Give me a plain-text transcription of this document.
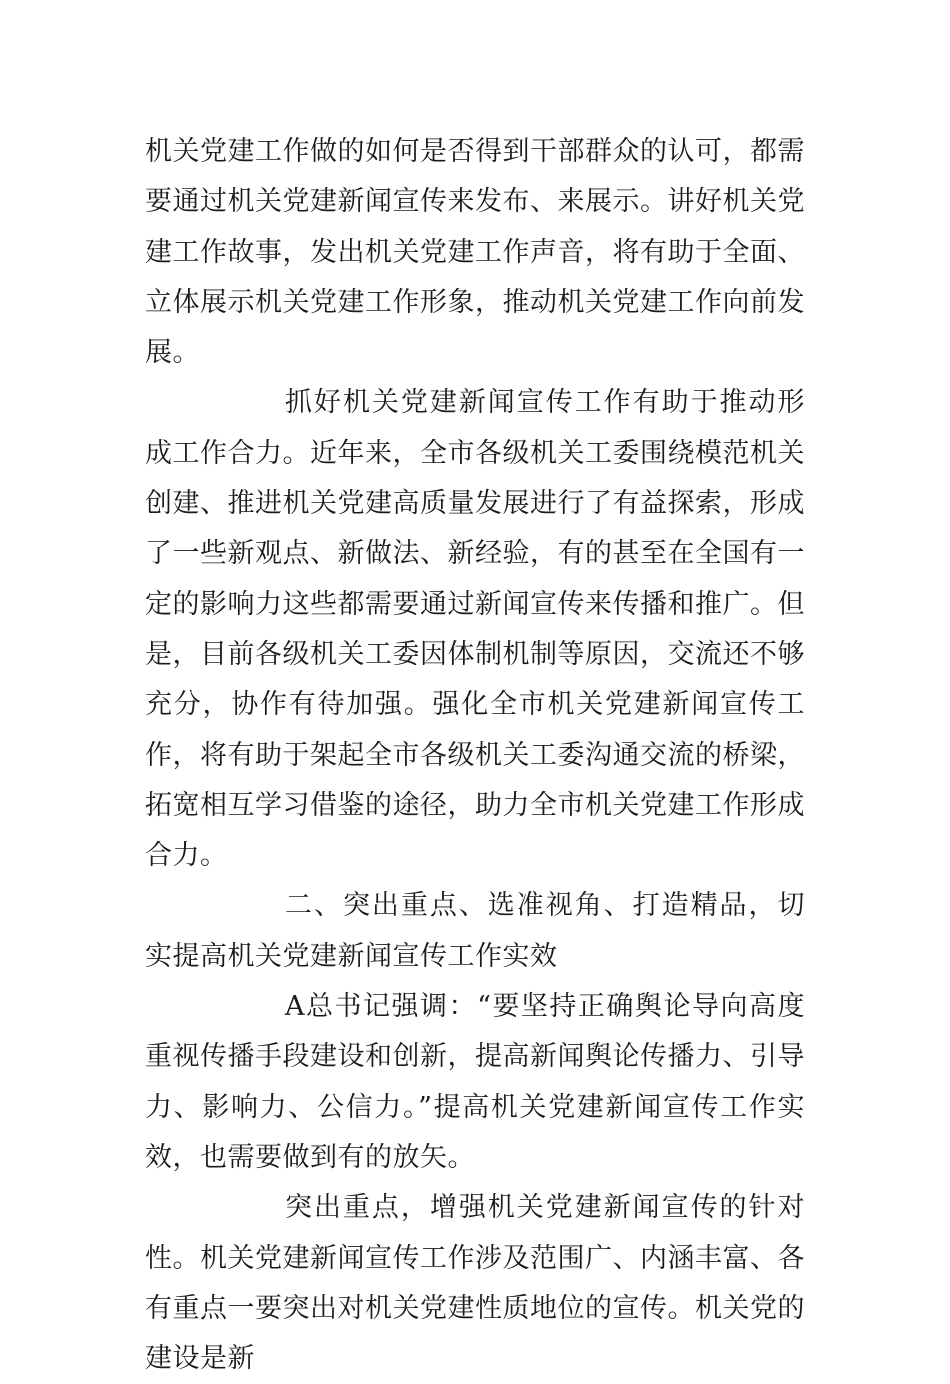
机关党建工作做的如何是否得到干部群众的认可，都需要通过机关党建新闻宣传来发布、来展示。讲好机关党建工作故事，发出机关党建工作声音，将有助于全面、立体展示机关党建工作形象，推动机关党建工作向前发展。

抓好机关党建新闻宣传工作有助于推动形成工作合力。近年来，全市各级机关工委围绕模范机关创建、推进机关党建高质量发展进行了有益探索，形成了一些新观点、新做法、新经验，有的甚至在全国有一定的影响力这些都需要通过新闻宣传来传播和推广。但是，目前各级机关工委因体制机制等原因，交流还不够充分，协作有待加强。强化全市机关党建新闻宣传工作，将有助于架起全市各级机关工委沟通交流的桥梁，拓宽相互学习借鉴的途径，助力全市机关党建工作形成合力。

二、突出重点、选准视角、打造精品，切实提高机关党建新闻宣传工作实效

A总书记强调：“要坚持正确舆论导向高度重视传播手段建设和创新，提高新闻舆论传播力、引导力、影响力、公信力。”提高机关党建新闻宣传工作实效，也需要做到有的放矢。

突出重点，增强机关党建新闻宣传的针对性。机关党建新闻宣传工作涉及范围广、内涵丰富、各有重点一要突出对机关党建性质地位的宣传。机关党的建设是新
